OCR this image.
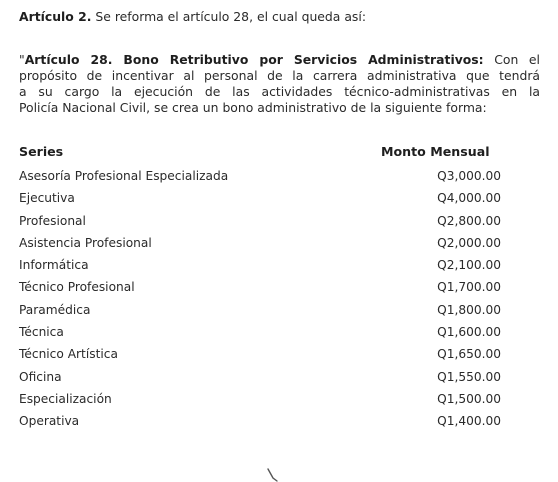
Artículo 2. Se reforma el artículo 28, el cual queda así:
"Artículo 28. Bono Retributivo por Servicios Administrativos: Con el
propósito de incentivar al personal de la carrera administrativa que tendrá
a su cargo la ejecución de las actividades técnico-administrativas en la
Policía Nacional Civil, se crea un bono administrativo de la siguiente forma:
Series	Monto Mensual
Asesoría Profesional Especializada	Q3,000.00
Ejecutiva	Q4,000.00
Profesional	Q2,800.00
Asistencia Profesional	Q2,000.00
Informática	Q2,100.00
Técnico Profesional	Q1,700.00
Paramédica	Q1,800.00
Técnica	Q1,600.00
Técnico Artística	Q1,650.00
Oficina	Q1,550.00
Especialización	Q1,500.00
Operativa	Q1,400.00
